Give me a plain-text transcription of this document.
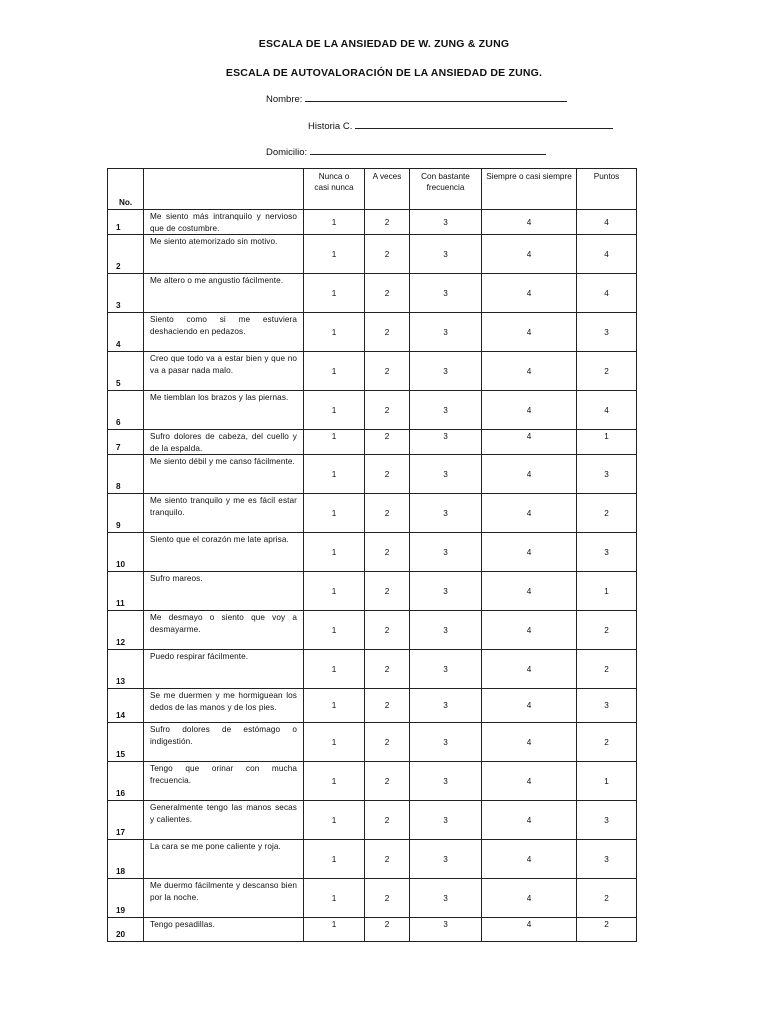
ESCALA DE LA ANSIEDAD DE W. ZUNG & ZUNG
ESCALA DE AUTOVALORACIÓN DE LA ANSIEDAD DE ZUNG.
Nombre:
Historia C.
Domicilio:
No.		Nunca o casi nunca	A veces	Con bastante frecuencia	Siempre o casi siempre	Puntos
1	Me siento más intranquilo y nervioso que de costumbre.	1	2	3	4	4
2	Me siento atemorizado sin motivo.	1	2	3	4	4
3	Me altero o me angustio fácilmente.	1	2	3	4	4
4	Siento como si me estuviera deshaciendo en pedazos.	1	2	3	4	3
5	Creo que todo va a estar bien y que no va a pasar nada malo.	1	2	3	4	2
6	Me tiemblan los brazos y las piernas.	1	2	3	4	4
7	Sufro dolores de cabeza, del cuello y de la espalda.	1	2	3	4	1
8	Me siento débil y me canso fácilmente.	1	2	3	4	3
9	Me siento tranquilo y me es fácil estar tranquilo.	1	2	3	4	2
10	Siento que el corazón me late aprisa.	1	2	3	4	3
11	Sufro mareos.	1	2	3	4	1
12	Me desmayo o siento que voy a desmayarme.	1	2	3	4	2
13	Puedo respirar fácilmente.	1	2	3	4	2
14	Se me duermen y me hormiguean los dedos de las manos y de los pies.	1	2	3	4	3
15	Sufro dolores de estómago o indigestión.	1	2	3	4	2
16	Tengo que orinar con mucha frecuencia.	1	2	3	4	1
17	Generalmente tengo las manos secas y calientes.	1	2	3	4	3
18	La cara se me pone caliente y roja.	1	2	3	4	3
19	Me duermo fácilmente y descanso bien por la noche.	1	2	3	4	2
20	Tengo pesadillas.	1	2	3	4	2
